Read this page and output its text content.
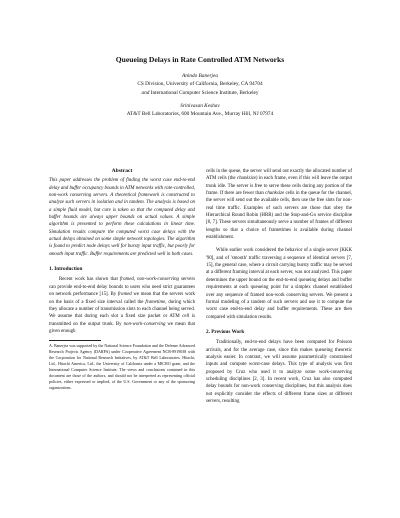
Queueing Delays in Rate Controlled ATM Networks
Anindo Banerjea
CS Division, University of California, Berkeley, CA 94704
and International Computer Science Institute, Berkeley
Srinivasan Keshav
AT&T Bell Laboratories, 600 Mountain Ave., Murray Hill, NJ 07974

Abstract

This paper addresses the problem of finding the worst case end-to-end delay and buffer occupancy bounds in ATM networks with rate-controlled, non-work conserving servers. A theoretical framework is constructed to analyze such servers in isolation and in tandem. The analysis is based on a simple fluid model, but care is taken so that the computed delay and buffer bounds are always upper bounds on actual values. A simple algorithm is presented to perform these calculations in linear time. Simulation results compare the computed worst case delays with the actual delays obtained on some simple network topologies. The algorithm is found to predict node delays well for bursty input traffic, but poorly for smooth input traffic. Buffer requirements are predicted well in both cases.

1. Introduction

Recent work has shown that framed, non-work-conserving servers can provide end-to-end delay bounds to users who need strict guarantees on network performance [15]. By framed we mean that the servers work on the basis of a fixed size interval called the frametime, during which they allocate a number of transmission slots to each channel being served. We assume that during each slot a fixed size packet or ATM cell is transmitted on the output trunk. By non-work-conserving we mean that given enough

A. Banerjea was supported by the National Science Foundation and the Defense Advanced Research Projects Agency (DARPA) under Cooperative Agreement NCR-8919038 with the Corporation for National Research Initiatives, by AT&T Bell Laboratories, Hitachi, Ltd., Hitachi America, Ltd., the University of California under a MICRO grant, and the International Computer Science Institute. The views and conclusions contained in this document are those of the authors, and should not be interpreted as representing official policies, either expressed or implied, of the U.S. Government or any of the sponsoring organizations.

cells in the queue, the server will send out exactly the allocated number of ATM cells (the chunksize) in each frame, even if this will leave the output trunk idle. The server is free to serve these cells during any portion of the frame. If there are fewer than chunksize cells in the queue for the channel, the server will send out the available cells, then use the free slots for non-real time traffic. Examples of such servers are those that obey the Hierarchical Round Robin (HRR) and the Stop-and-Go service discipline [8, 7]. These servers simultaneously serve a number of frames of different lengths so that a choice of frametimes is available during channel establishment.

While earlier work considered the behavior of a single server [KKK '90], and of 'smooth' traffic traversing a sequence of identical servers [7, 15], the general case, where a circuit carrying bursty traffic may be served at a different framing interval at each server, was not analyzed. This paper determines the upper bound on the end-to-end queueing delays and buffer requirements at each queueing point for a simplex channel established over any sequence of framed non-work conserving servers. We present a formal modeling of a tandem of such servers and use it to compute the worst case end-to-end delay and buffer requirements. These are then compared with simulation results.

2. Previous Work

Traditionally, end-to-end delays have been computed for Poisson arrivals, and for the average case, since this makes queueing theoretic analysis easier. In contrast, we will assume parametrically constrained inputs and compute worst-case delays. This type of analysis was first proposed by Cruz who used it to analyze some work-conserving scheduling disciplines [2, 3]. In recent work, Cruz has also computed delay bounds for non-work conserving disciplines, but this analysis does not explicitly consider the effects of different frame sizes at different servers, resulting
